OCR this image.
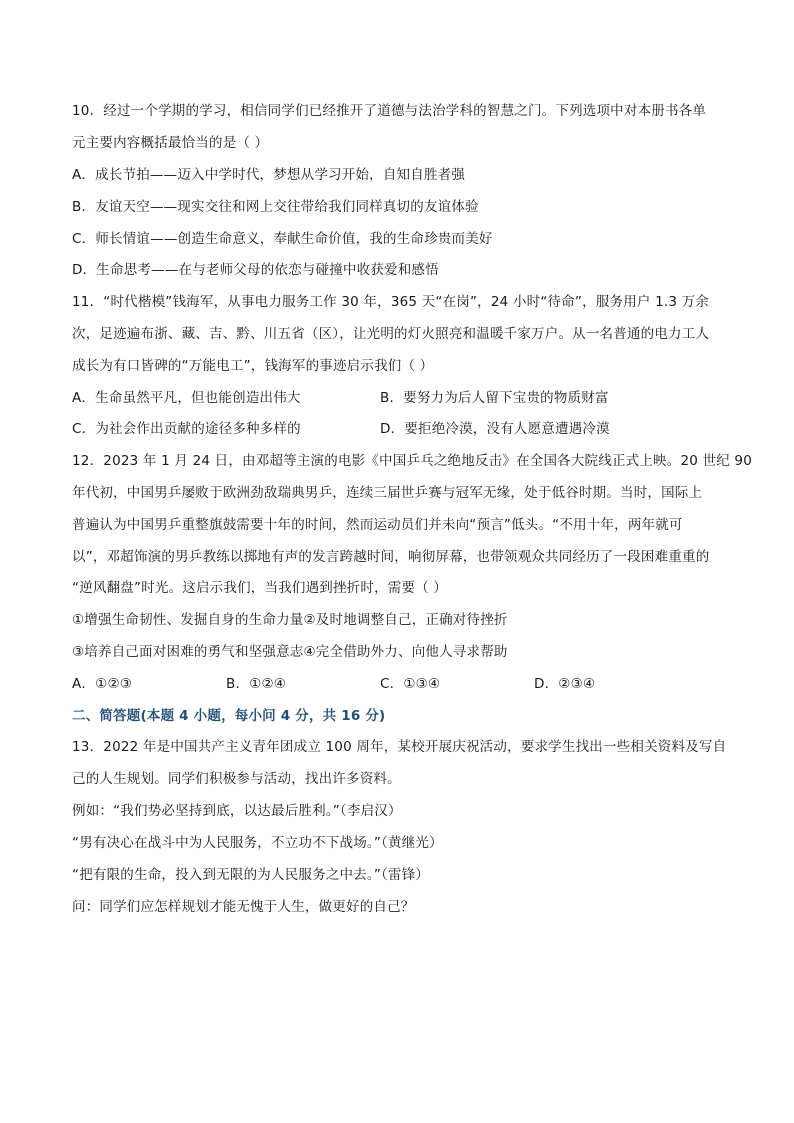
10．经过一个学期的学习，相信同学们已经推开了道德与法治学科的智慧之门。下列选项中对本册书各单
元主要内容概括最恰当的是（ ）
A．成长节拍——迈入中学时代，梦想从学习开始，自知自胜者强
B．友谊天空——现实交往和网上交往带给我们同样真切的友谊体验
C．师长情谊——创造生命意义，奉献生命价值，我的生命珍贵而美好
D．生命思考——在与老师父母的依恋与碰撞中收获爱和感悟
11．“时代楷模”钱海军，从事电力服务工作 30 年，365 天“在岗”，24 小时“待命”，服务用户 1.3 万余
次，足迹遍布浙、藏、吉、黔、川五省（区），让光明的灯火照亮和温暖千家万户。从一名普通的电力工人
成长为有口皆碑的“万能电工”，钱海军的事迹启示我们（ ）
A．生命虽然平凡，但也能创造出伟大	B．要努力为后人留下宝贵的物质财富
C．为社会作出贡献的途径多种多样的	D．要拒绝冷漠，没有人愿意遭遇冷漠
12．2023 年 1 月 24 日，由邓超等主演的电影《中国乒乓之绝地反击》在全国各大院线正式上映。20 世纪 90
年代初，中国男乒屡败于欧洲劲敌瑞典男乒，连续三届世乒赛与冠军无缘，处于低谷时期。当时，国际上
普遍认为中国男乒重整旗鼓需要十年的时间，然而运动员们并未向“预言”低头。“不用十年，两年就可
以”，邓超饰演的男乒教练以掷地有声的发言跨越时间，响彻屏幕，也带领观众共同经历了一段困难重重的
“逆风翻盘”时光。这启示我们，当我们遇到挫折时，需要（ ）
①增强生命韧性、发掘自身的生命力量②及时地调整自己，正确对待挫折
③培养自己面对困难的勇气和坚强意志④完全借助外力、向他人寻求帮助
A．①②③	B．①②④	C．①③④	D．②③④
二、简答题(本题 4 小题，每小问 4 分，共 16 分)
13．2022 年是中国共产主义青年团成立 100 周年，某校开展庆祝活动，要求学生找出一些相关资料及写自
己的人生规划。同学们积极参与活动，找出许多资料。
例如：“我们势必坚持到底，以达最后胜利。”（李启汉）
“男有决心在战斗中为人民服务，不立功不下战场。”（黄继光）
“把有限的生命，投入到无限的为人民服务之中去。”（雷锋）
问：同学们应怎样规划才能无愧于人生，做更好的自己？
